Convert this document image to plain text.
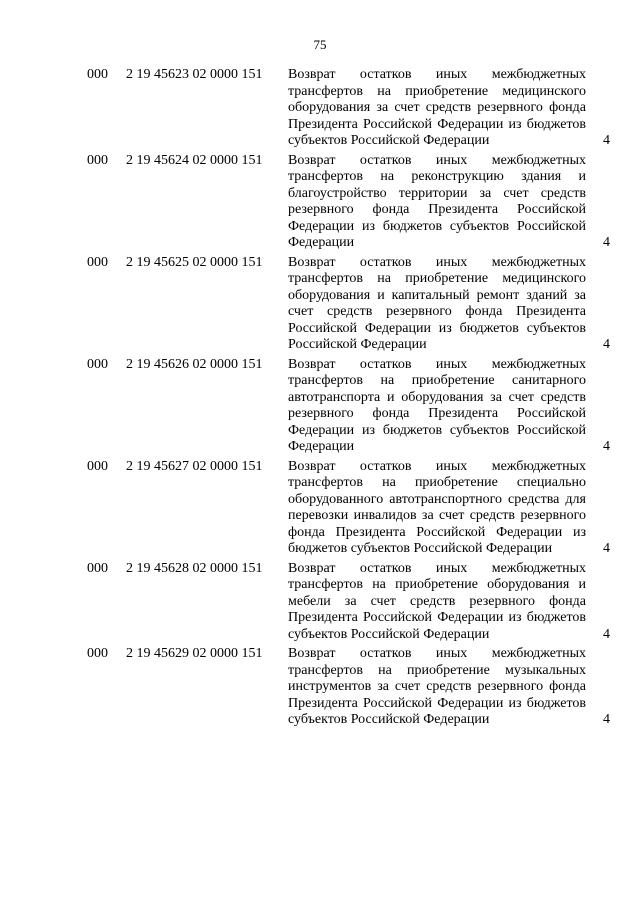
75
000 2 19 45623 02 0000 151 Возврат остатков иных межбюджетных трансфертов на приобретение медицинского оборудования за счет средств резервного фонда Президента Российской Федерации из бюджетов субъектов Российской Федерации	4
000 2 19 45624 02 0000 151 Возврат остатков иных межбюджетных трансфертов на реконструкцию здания и благоустройство территории за счет средств резервного фонда Президента Российской Федерации из бюджетов субъектов Российской Федерации	4
000 2 19 45625 02 0000 151 Возврат остатков иных межбюджетных трансфертов на приобретение медицинского оборудования и капитальный ремонт зданий за счет средств резервного фонда Президента Российской Федерации из бюджетов субъектов Российской Федерации	4
000 2 19 45626 02 0000 151 Возврат остатков иных межбюджетных трансфертов на приобретение санитарного автотранспорта и оборудования за счет средств резервного фонда Президента Российской Федерации из бюджетов субъектов Российской Федерации	4
000 2 19 45627 02 0000 151 Возврат остатков иных межбюджетных трансфертов на приобретение специально оборудованного автотранспортного средства для перевозки инвалидов за счет средств резервного фонда Президента Российской Федерации из бюджетов субъектов Российской Федерации	4
000 2 19 45628 02 0000 151 Возврат остатков иных межбюджетных трансфертов на приобретение оборудования и мебели за счет средств резервного фонда Президента Российской Федерации из бюджетов субъектов Российской Федерации	4
000 2 19 45629 02 0000 151 Возврат остатков иных межбюджетных трансфертов на приобретение музыкальных инструментов за счет средств резервного фонда Президента Российской Федерации из бюджетов субъектов Российской Федерации	4
